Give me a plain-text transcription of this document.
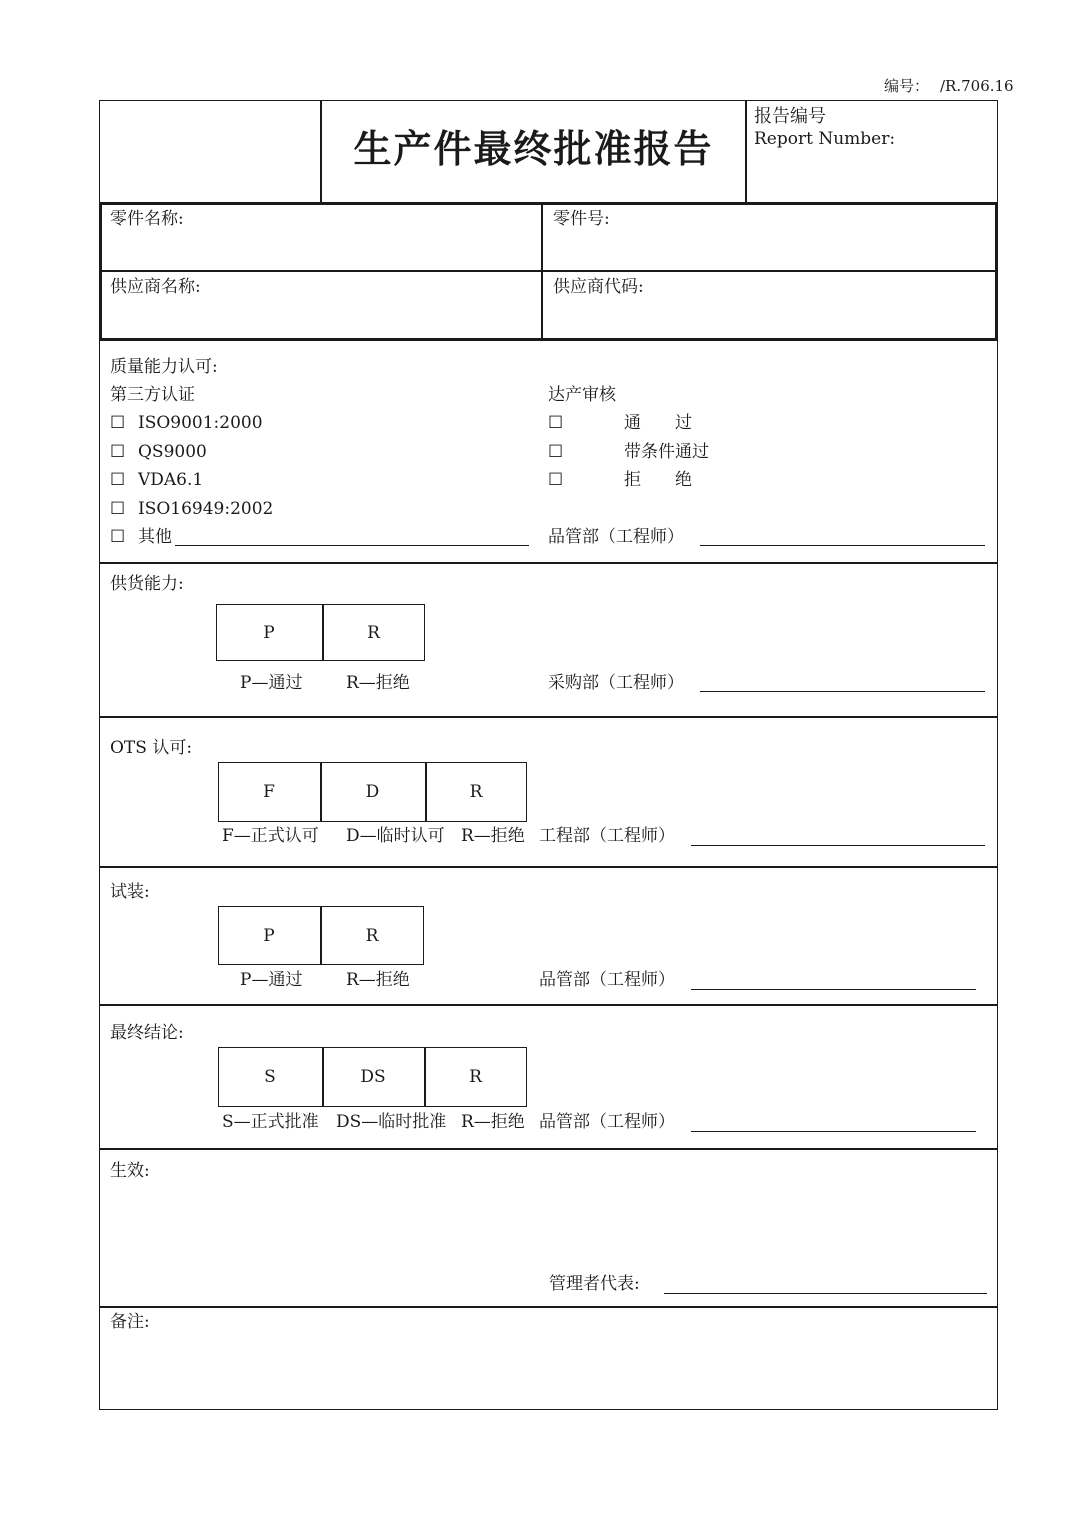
编号： /R.706.16
生产件最终批准报告
报告编号
Report Number:
零件名称:	零件号:
供应商名称:	供应商代码:
质量能力认可:
第三方认证
☐ ISO9001:2000
☐ QS9000
☐ VDA6.1
☐ ISO16949:2002
☐ 其他
达产审核
☐	通　　过
☐	带条件通过
☐	拒　　绝
品管部（工程师）
供货能力:
P	R
P—通过	R—拒绝	采购部（工程师）
OTS 认可:
F	D	R
F—正式认可 D—临时认可 R—拒绝 工程部（工程师）
试装:
P	R
P—通过	R—拒绝	品管部（工程师）
最终结论:
S	DS	R
S—正式批准 DS—临时批准 R—拒绝 品管部（工程师）
生效:
管理者代表:
备注:
